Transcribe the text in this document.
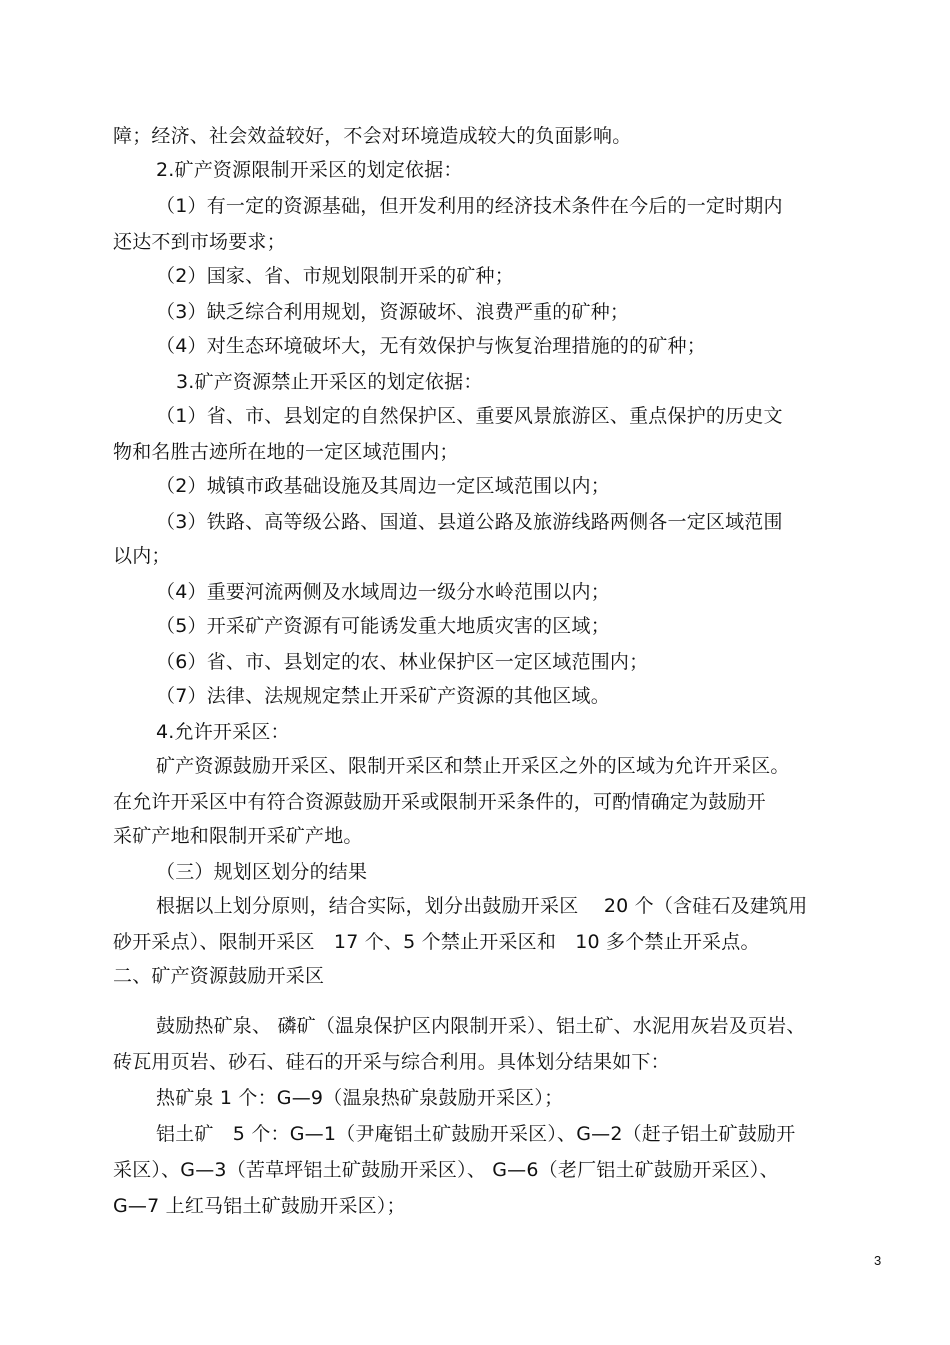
障；经济、社会效益较好，不会对环境造成较大的负面影响。
2.矿产资源限制开采区的划定依据：
（1）有一定的资源基础，但开发利用的经济技术条件在今后的一定时期内
还达不到市场要求；
（2）国家、省、市规划限制开采的矿种；
（3）缺乏综合利用规划，资源破坏、浪费严重的矿种；
（4）对生态环境破坏大，无有效保护与恢复治理措施的的矿种；
3.矿产资源禁止开采区的划定依据：
（1）省、市、县划定的自然保护区、重要风景旅游区、重点保护的历史文
物和名胜古迹所在地的一定区域范围内；
（2）城镇市政基础设施及其周边一定区域范围以内；
（3）铁路、高等级公路、国道、县道公路及旅游线路两侧各一定区域范围
以内；
（4）重要河流两侧及水域周边一级分水岭范围以内；
（5）开采矿产资源有可能诱发重大地质灾害的区域；
（6）省、市、县划定的农、林业保护区一定区域范围内；
（7）法律、法规规定禁止开采矿产资源的其他区域。
4.允许开采区：
矿产资源鼓励开采区、限制开采区和禁止开采区之外的区域为允许开采区。
在允许开采区中有符合资源鼓励开采或限制开采条件的，可酌情确定为鼓励开
采矿产地和限制开采矿产地。
（三）规划区划分的结果
根据以上划分原则，结合实际，划分出鼓励开采区　 20 个（含硅石及建筑用
砂开采点）、限制开采区　17 个、5 个禁止开采区和　10 多个禁止开采点。
二、矿产资源鼓励开采区
鼓励热矿泉、 磷矿（温泉保护区内限制开采）、铝土矿、水泥用灰岩及页岩、
砖瓦用页岩、砂石、硅石的开采与综合利用。具体划分结果如下：
热矿泉 1 个：G—9（温泉热矿泉鼓励开采区）；
铝土矿　5 个：G—1（尹庵铝土矿鼓励开采区）、G—2（赶子铝土矿鼓励开
采区）、G—3（苦草坪铝土矿鼓励开采区）、 G—6（老厂铝土矿鼓励开采区）、
G—7 上红马铝土矿鼓励开采区）；
3
